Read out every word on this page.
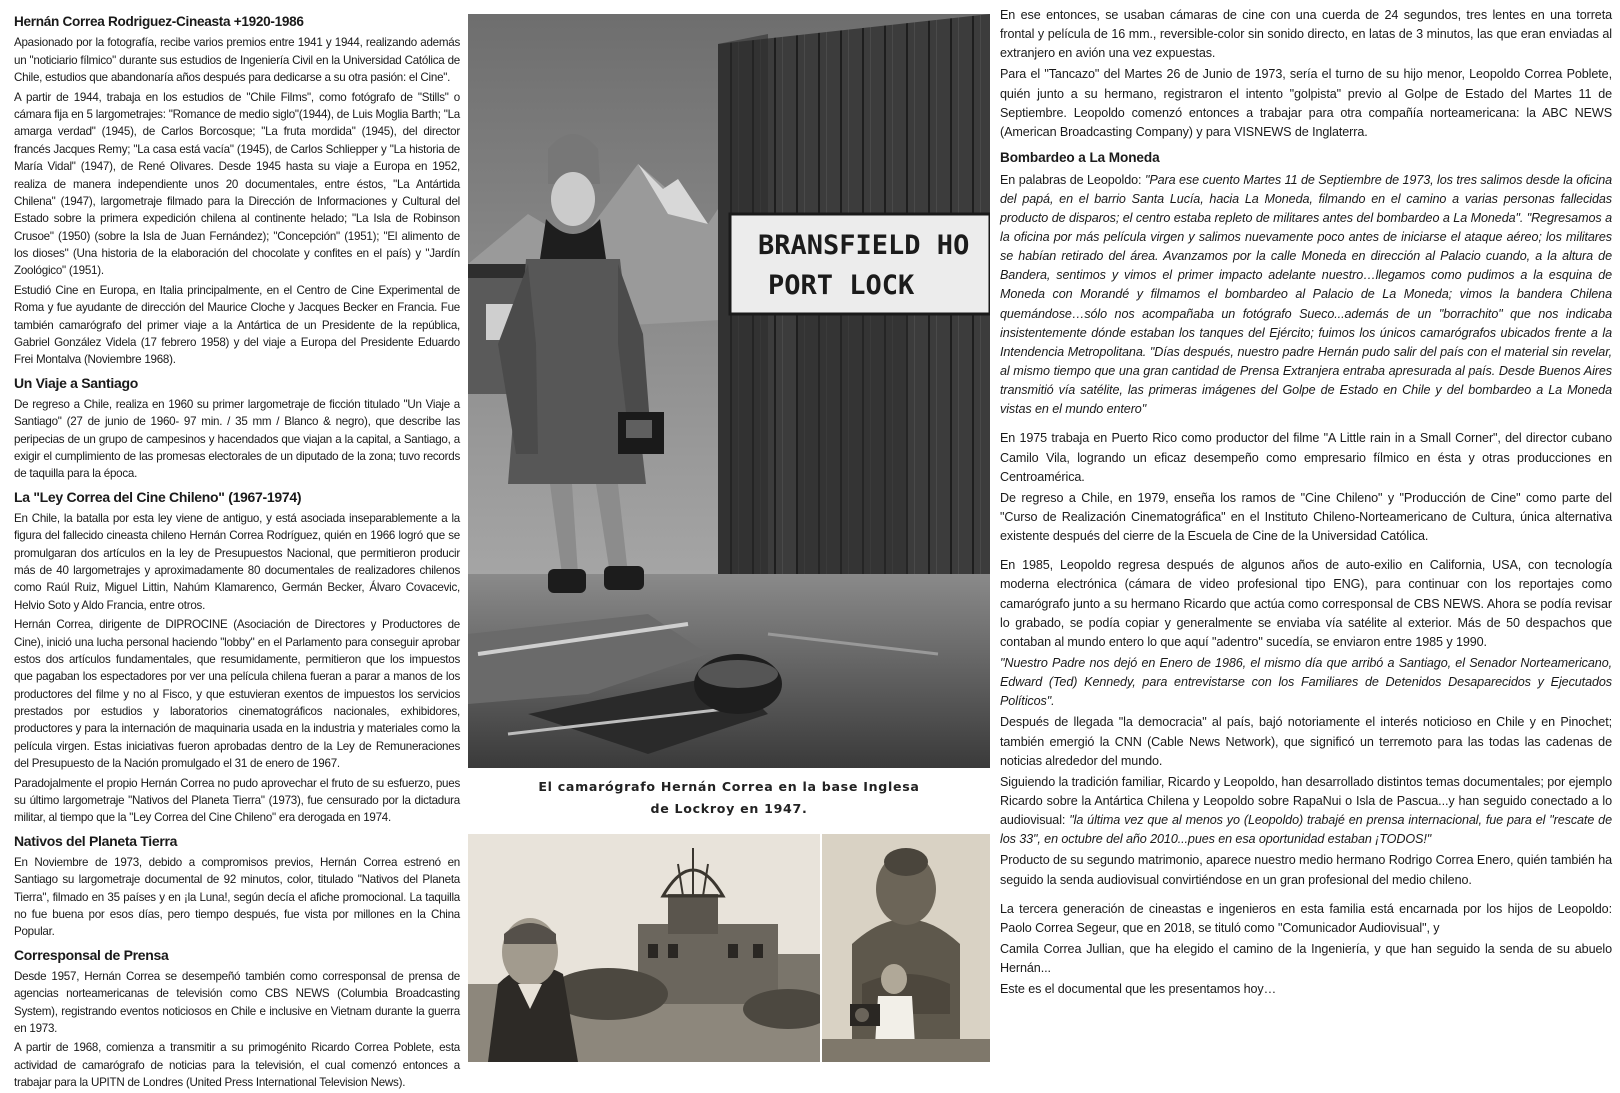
Hernán Correa Rodriguez-Cineasta +1920-1986

Apasionado por la fotografía, recibe varios premios entre 1941 y 1944, realizando además un "noticiario fílmico" durante sus estudios de Ingeniería Civil en la Universidad Católica de Chile, estudios que abandonaría años después para dedicarse a su otra pasión: el Cine".

A partir de 1944, trabaja en los estudios de "Chile Films", como fotógrafo de "Stills" o cámara fija en 5 largometrajes: "Romance de medio siglo"(1944), de Luis Moglia Barth; "La amarga verdad" (1945), de Carlos Borcosque; "La fruta mordida" (1945), del director francés Jacques Remy; "La casa está vacía" (1945), de Carlos Schliepper y "La historia de María Vidal" (1947), de René Olivares. Desde 1945 hasta su viaje a Europa en 1952, realiza de manera independiente unos 20 documentales, entre éstos, "La Antártida Chilena" (1947), largometraje filmado para la Dirección de Informaciones y Cultural del Estado sobre la primera expedición chilena al continente helado; "La Isla de Robinson Crusoe" (1950) (sobre la Isla de Juan Fernández); "Concepción" (1951); "El alimento de los dioses" (Una historia de la elaboración del chocolate y confites en el país) y "Jardín Zoológico" (1951).

Estudió Cine en Europa, en Italia principalmente, en el Centro de Cine Experimental de Roma y fue ayudante de dirección del Maurice Cloche y Jacques Becker en Francia. Fue también camarógrafo del primer viaje a la Antártica de un Presidente de la república, Gabriel González Videla (17 febrero 1958) y del viaje a Europa del Presidente Eduardo Frei Montalva (Noviembre 1968).

Un Viaje a Santiago

De regreso a Chile, realiza en 1960 su primer largometraje de ficción titulado "Un Viaje a Santiago" (27 de junio de 1960- 97 min. / 35 mm / Blanco & negro), que describe las peripecias de un grupo de campesinos y hacendados que viajan a la capital, a Santiago, a exigir el cumplimiento de las promesas electorales de un diputado de la zona; tuvo records de taquilla para la época.

La "Ley Correa del Cine Chileno" (1967-1974)

En Chile, la batalla por esta ley viene de antiguo, y está asociada inseparablemente a la figura del fallecido cineasta chileno Hernán Correa Rodríguez, quién en 1966 logró que se promulgaran dos artículos en la ley de Presupuestos Nacional, que permitieron producir más de 40 largometrajes y aproximadamente 80 documentales de realizadores chilenos como Raúl Ruiz, Miguel Littin, Nahúm Klamarenco, Germán Becker, Álvaro Covacevic, Helvio Soto y Aldo Francia, entre otros.

Hernán Correa, dirigente de DIPROCINE (Asociación de Directores y Productores de Cine), inició una lucha personal haciendo "lobby" en el Parlamento para conseguir aprobar estos dos artículos fundamentales, que resumidamente, permitieron que los impuestos que pagaban los espectadores por ver una película chilena fueran a parar a manos de los productores del filme y no al Fisco, y que estuvieran exentos de impuestos los servicios prestados por estudios y laboratorios cinematográficos nacionales, exhibidores, productores y para la internación de maquinaria usada en la industria y materiales como la película virgen. Estas iniciativas fueron aprobadas dentro de la Ley de Remuneraciones del Presupuesto de la Nación promulgado el 31 de enero de 1967.

Paradojalmente el propio Hernán Correa no pudo aprovechar el fruto de su esfuerzo, pues su último largometraje "Nativos del Planeta Tierra" (1973), fue censurado por la dictadura militar, al tiempo que la "Ley Correa del Cine Chileno" era derogada en 1974.

Nativos del Planeta Tierra

En Noviembre de 1973, debido a compromisos previos, Hernán Correa estrenó en Santiago su largometraje documental de 92 minutos, color, titulado "Nativos del Planeta Tierra", filmado en 35 países y en ¡la Luna!, según decía el afiche promocional. La taquilla no fue buena por esos días, pero tiempo después, fue vista por millones en la China Popular.

Corresponsal de Prensa

Desde 1957, Hernán Correa se desempeñó también como corresponsal de prensa de agencias norteamericanas de televisión como CBS NEWS (Columbia Broadcasting System), registrando eventos noticiosos en Chile e inclusive en Vietnam durante la guerra en 1973.

A partir de 1968, comienza a transmitir a su primogénito Ricardo Correa Poblete, esta actividad de camarógrafo de noticias para la televisión, el cual comenzó entonces a trabajar para la UPITN de Londres (United Press International Television News).

BRANSFIELD HO
PORT LOCK
El camarógrafo Hernán Correa en la base Inglesa
de Lockroy en 1947.

En ese entonces, se usaban cámaras de cine con una cuerda de 24 segundos, tres lentes en una torreta frontal y película de 16 mm., reversible-color sin sonido directo, en latas de 3 minutos, las que eran enviadas al extranjero en avión una vez expuestas.

Para el "Tancazo" del Martes 26 de Junio de 1973, sería el turno de su hijo menor, Leopoldo Correa Poblete, quién junto a su hermano, registraron el intento "golpista" previo al Golpe de Estado del Martes 11 de Septiembre. Leopoldo comenzó entonces a trabajar para otra compañía norteamericana: la ABC NEWS (American Broadcasting Company) y para VISNEWS de Inglaterra.

Bombardeo a La Moneda

En palabras de Leopoldo: "Para ese cuento Martes 11 de Septiembre de 1973, los tres salimos desde la oficina del papá, en el barrio Santa Lucía, hacia La Moneda, filmando en el camino a varias personas fallecidas producto de disparos; el centro estaba repleto de militares antes del bombardeo a La Moneda". "Regresamos a la oficina por más película virgen y salimos nuevamente poco antes de iniciarse el ataque aéreo; los militares se habían retirado del área. Avanzamos por la calle Moneda en dirección al Palacio cuando, a la altura de Bandera, sentimos y vimos el primer impacto adelante nuestro…llegamos como pudimos a la esquina de Moneda con Morandé y filmamos el bombardeo al Palacio de La Moneda; vimos la bandera Chilena quemándose…sólo nos acompañaba un fotógrafo Sueco...además de un "borrachito" que nos indicaba insistentemente dónde estaban los tanques del Ejército; fuimos los únicos camarógrafos ubicados frente a la Intendencia Metropolitana. "Días después, nuestro padre Hernán pudo salir del país con el material sin revelar, al mismo tiempo que una gran cantidad de Prensa Extranjera entraba apresurada al país. Desde Buenos Aires transmitió vía satélite, las primeras imágenes del Golpe de Estado en Chile y del bombardeo a La Moneda vistas en el mundo entero"

En 1975 trabaja en Puerto Rico como productor del filme "A Little rain in a Small Corner", del director cubano Camilo Vila, logrando un eficaz desempeño como empresario fílmico en ésta y otras producciones en Centroamérica.

De regreso a Chile, en 1979, enseña los ramos de "Cine Chileno" y "Producción de Cine" como parte del "Curso de Realización Cinematográfica" en el Instituto Chileno-Norteamericano de Cultura, única alternativa existente después del cierre de la Escuela de Cine de la Universidad Católica.

En 1985, Leopoldo regresa después de algunos años de auto-exilio en California, USA, con tecnología moderna electrónica (cámara de video profesional tipo ENG), para continuar con los reportajes como camarógrafo junto a su hermano Ricardo que actúa como corresponsal de CBS NEWS. Ahora se podía revisar lo grabado, se podía copiar y generalmente se enviaba vía satélite al exterior. Más de 50 despachos que contaban al mundo entero lo que aquí "adentro" sucedía, se enviaron entre 1985 y 1990.

"Nuestro Padre nos dejó en Enero de 1986, el mismo día que arribó a Santiago, el Senador Norteamericano, Edward (Ted) Kennedy, para entrevistarse con los Familiares de Detenidos Desaparecidos y Ejecutados Políticos".

Después de llegada "la democracia" al país, bajó notoriamente el interés noticioso en Chile y en Pinochet; también emergió la CNN (Cable News Network), que significó un terremoto para las todas las cadenas de noticias alrededor del mundo.

Siguiendo la tradición familiar, Ricardo y Leopoldo, han desarrollado distintos temas documentales; por ejemplo Ricardo sobre la Antártica Chilena y Leopoldo sobre RapaNui o Isla de Pascua...y han seguido conectado a lo audiovisual: "la última vez que al menos yo (Leopoldo) trabajé en prensa internacional, fue para el "rescate de los 33", en octubre del año 2010...pues en esa oportunidad estaban ¡TODOS!"

Producto de su segundo matrimonio, aparece nuestro medio hermano Rodrigo Correa Enero, quién también ha seguido la senda audiovisual convirtiéndose en un gran profesional del medio chileno.

La tercera generación de cineastas e ingenieros en esta familia está encarnada por los hijos de Leopoldo: Paolo Correa Segeur, que en 2018, se tituló como "Comunicador Audiovisual", y

Camila Correa Jullian, que ha elegido el camino de la Ingeniería, y que han seguido la senda de su abuelo Hernán...

Este es el documental que les presentamos hoy…
